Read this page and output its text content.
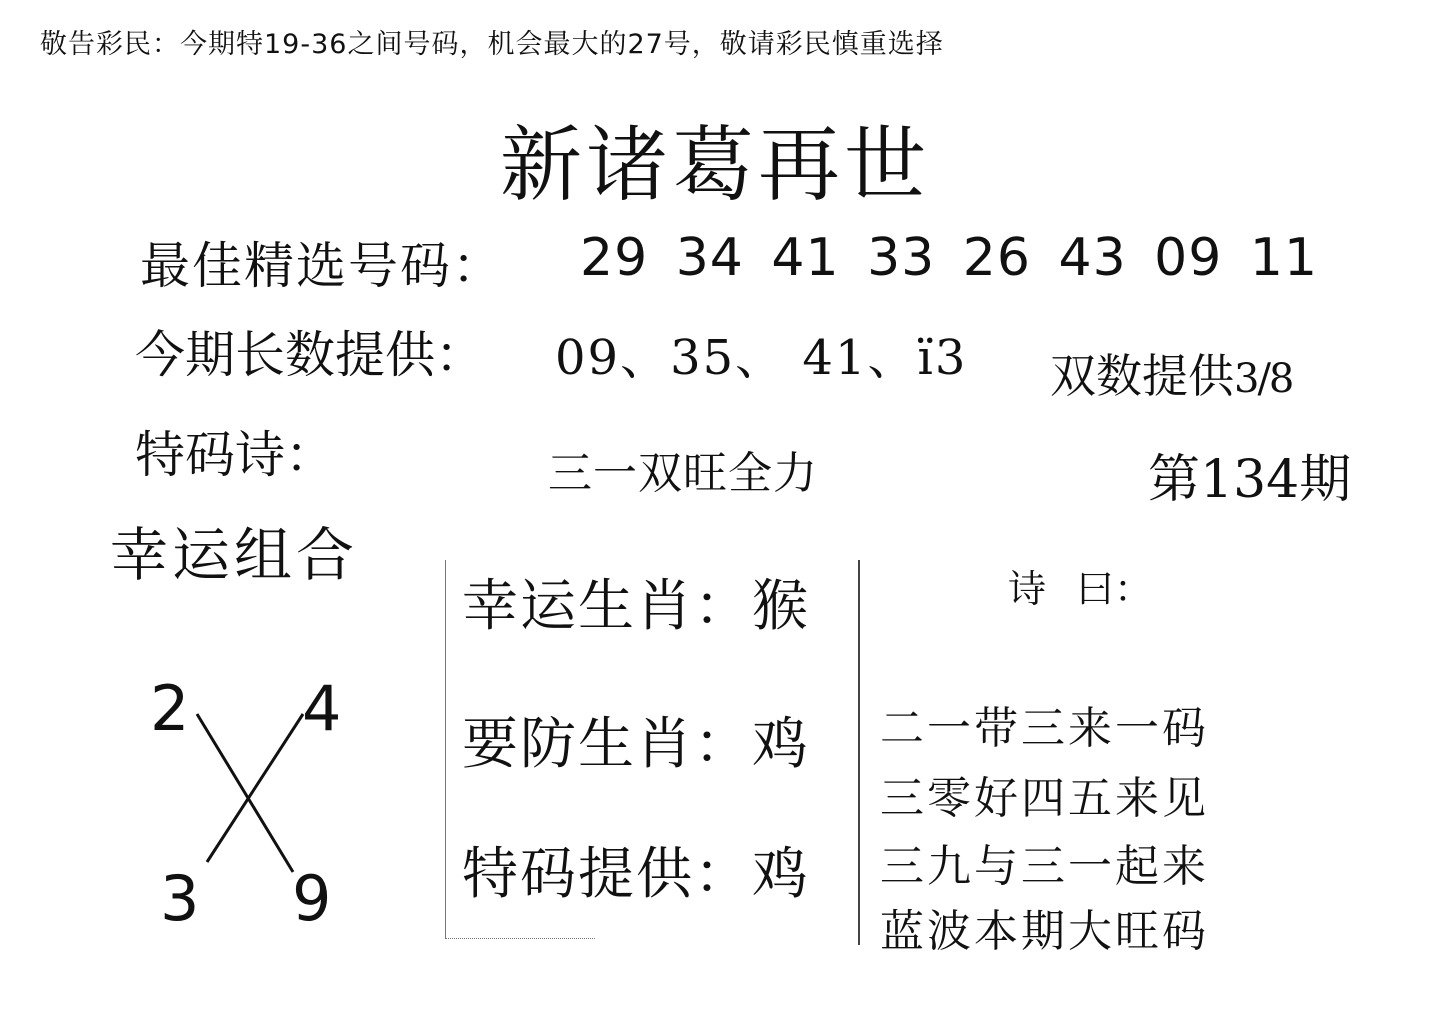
敬告彩民：今期特19-36之间号码，机会最大的27号，敬请彩民慎重选择
新诸葛再世
最佳精选号码： 29 34 41 33 26 43 09 11
今期长数提供： 09、35、 41、ï3 双数提供3/8
特码诗：	三一双旺全力	第134期
幸运组合
2 4
3 9
幸运生肖：猴
要防生肖：鸡
特码提供：鸡
诗 曰：
二一带三来一码
三零好四五来见
三九与三一起来
蓝波本期大旺码
